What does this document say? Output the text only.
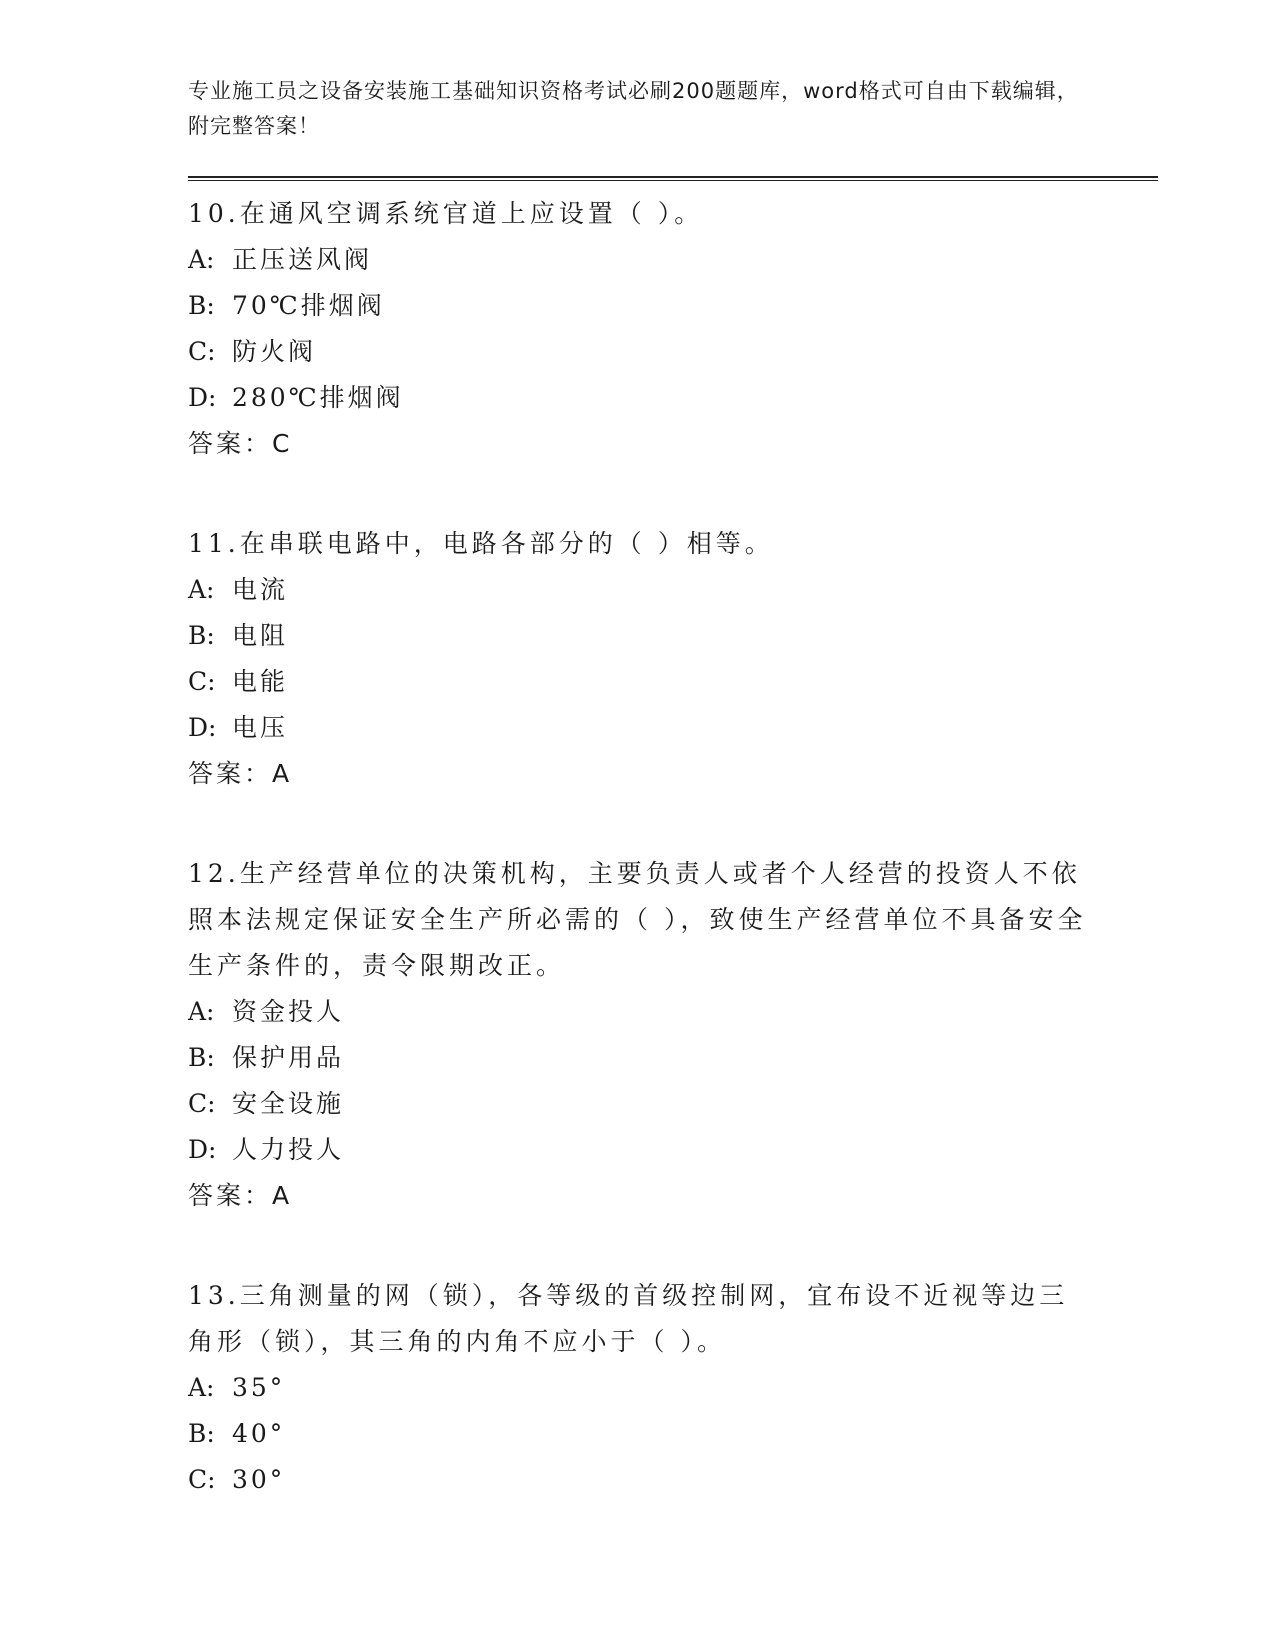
专业施工员之设备安装施工基础知识资格考试必刷200题题库，word格式可自由下载编辑，附完整答案！

10.在通风空调系统官道上应设置（ ）。

A: 正压送风阀
B: 70℃排烟阀
C: 防火阀
D: 280℃排烟阀
答案：C

11.在串联电路中，电路各部分的（ ）相等。

A: 电流
B: 电阻
C: 电能
D: 电压
答案：A

12.生产经营单位的决策机构，主要负责人或者个人经营的投资人不依照本法规定保证安全生产所必需的（ ），致使生产经营单位不具备安全生产条件的，责令限期改正。

A: 资金投人
B: 保护用品
C: 安全设施
D: 人力投人
答案：A

13.三角测量的网（锁），各等级的首级控制网，宜布设不近视等边三角形（锁），其三角的内角不应小于（ ）。

A: 35°
B: 40°
C: 30°
